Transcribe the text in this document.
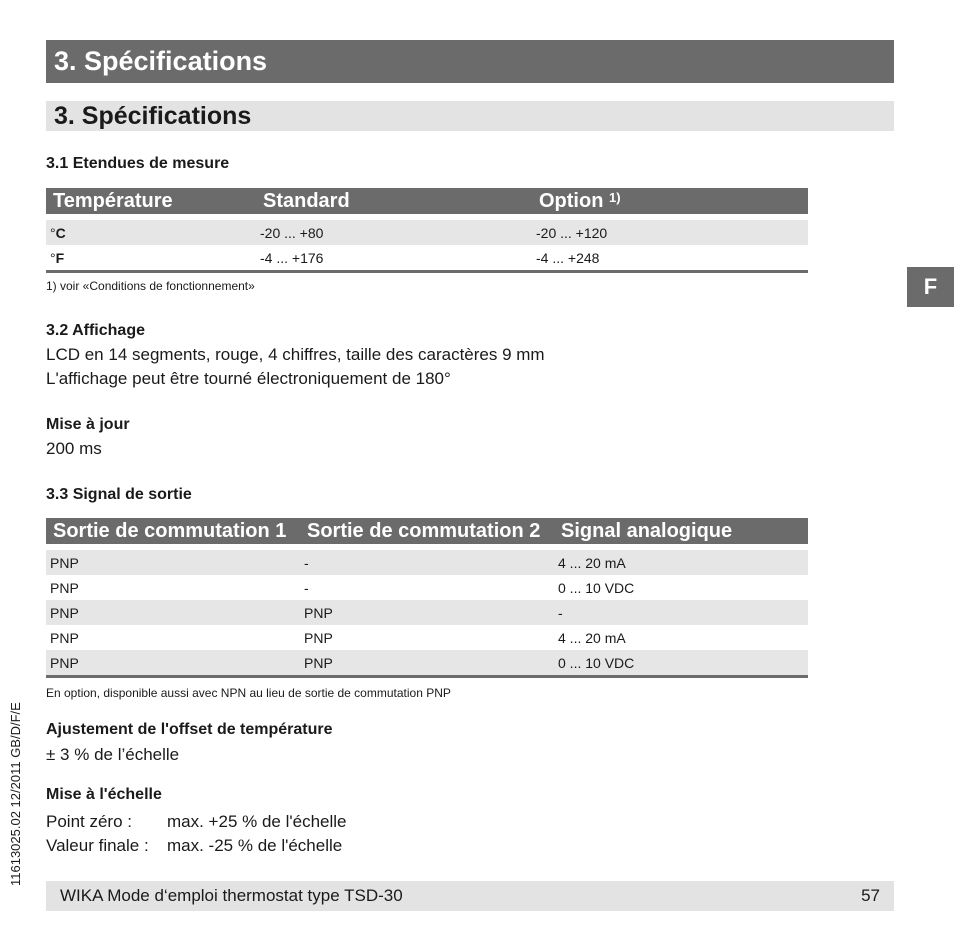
3. Spécifications
3. Spécifications
F
3.1 Etendues de mesure
Température	Standard	Option $^{1)}$

°C	-20 ... +80	-20 ... +120
°F	-4 ... +176	-4 ... +248
1) voir «Conditions de fonctionnement»
3.2 Affichage
LCD en 14 segments, rouge, 4 chiffres, taille des caractères 9 mm
L'affichage peut être tourné électroniquement de 180°
Mise à jour
200 ms
3.3 Signal de sortie
Sortie de commutation 1	Sortie de commutation 2	Signal analogique

PNP	-	4 ... 20 mA
PNP	-	0 ... 10 VDC
PNP	PNP	-
PNP	PNP	4 ... 20 mA
PNP	PNP	0 ... 10 VDC
En option, disponible aussi avec NPN au lieu de sortie de commutation PNP
Ajustement de l'offset de température
± 3 % de l’échelle
Mise à l'échelle
Point zéro : max. +25 % de l'échelle
Valeur finale : max. -25 % de l'échelle
11613025.02 12/2011 GB/D/F/E
WIKA Mode d‘emploi thermostat type TSD-30	57
